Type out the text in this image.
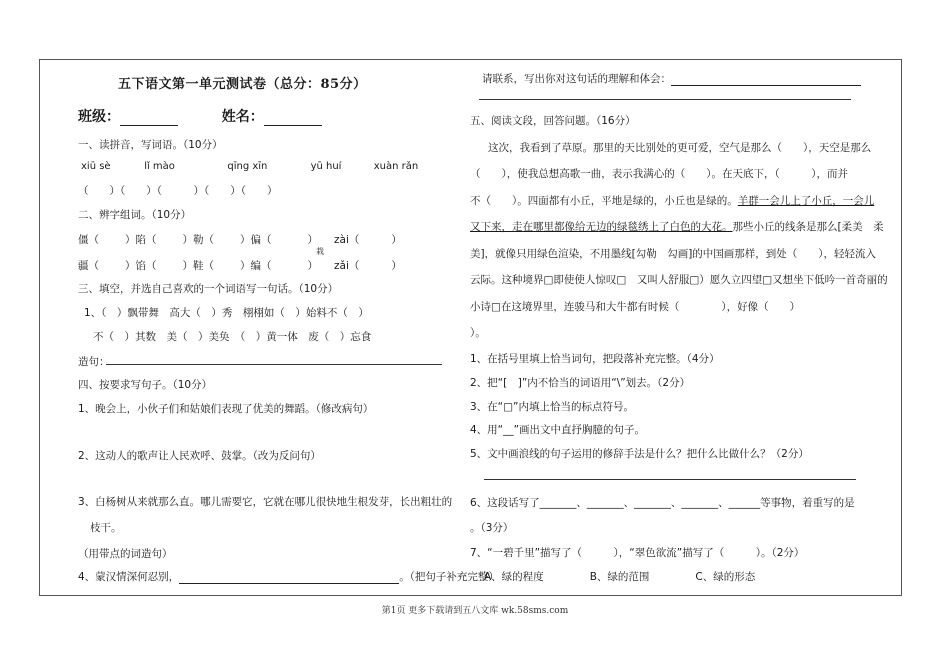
五下语文第一单元测试卷（总分：85分）
班级：	姓名：
一、读拼音，写词语。（10分）
xiū sè	lǐ mào	qīng xīn	yū huí	xuàn rǎn
（　　）（　　）（　　　）（　　）（　　）
二、辨字组词。（10分）
僵（ ）陷（ ）勒（ ）偏（	） zài（	）
栽
疆（ ）馅（ ）鞋（ ）编（	） zǎi（	）
三、填空，并选自己喜欢的一个词语写一句话。（10分）
1、（　）飘带舞　高大（　）秀　栩栩如（　）始料不（　）
不（　）其数　美（　）美奂　（　）黄一体　废（　）忘食
造句：
四、按要求写句子。（10分）
1、晚会上，小伙子们和姑娘们表现了优美的舞蹈。（修改病句）
2、这动人的歌声让人民欢呼、鼓掌。（改为反问句）
3、白杨树从来就那么直。哪儿需要它，它就在哪儿很快地生根发芽，长出粗壮的
枝干。
（用带点的词造句）
4、蒙汉情深何忍别，	。（把句子补充完整）
请联系，写出你对这句话的理解和体会：
五、阅读文段，回答问题。（16分）
这次，我看到了草原。那里的天比别处的更可爱，空气是那么（　　），天空是那么
（　　），使我总想高歌一曲，表示我满心的（　　）。在天底下，（　　　），而并
不（　　）。四面都有小丘，平地是绿的，小丘也是绿的。羊群一会儿上了小丘，一会儿
又下来，走在哪里都像给无边的绿毯绣上了白色的大花。那些小丘的线条是那么[柔美　柔
美]，就像只用绿色渲染，不用墨线[勾勒　勾画]的中国画那样，到处（　　），轻轻流入
云际。这种境界□即使使人惊叹□　又叫人舒服□）愿久立四望□又想坐下低吟一首奇丽的
小诗□在这境界里，连骏马和大牛都有时候（　　　　），好像（　　）
）。
1、在括号里填上恰当词句，把段落补充完整。（4分）
2、把“[　]”内不恰当的词语用“\”划去。（2分）
3、在“□”内填上恰当的标点符号。
4、用“__”画出文中直抒胸臆的句子。
5、文中画浪线的句子运用的修辞手法是什么？把什么比做什么？（2分）
6、这段话写了_______、_______、_______、_______、______等事物，着重写的是
。（3分）
7、“一碧千里”描写了（　　　），“翠色欲流”描写了（　　　）。（2分）
A、绿的程度	B、绿的范围	C、绿的形态
第1页 更多下载请到五八文库 wk.58sms.com
